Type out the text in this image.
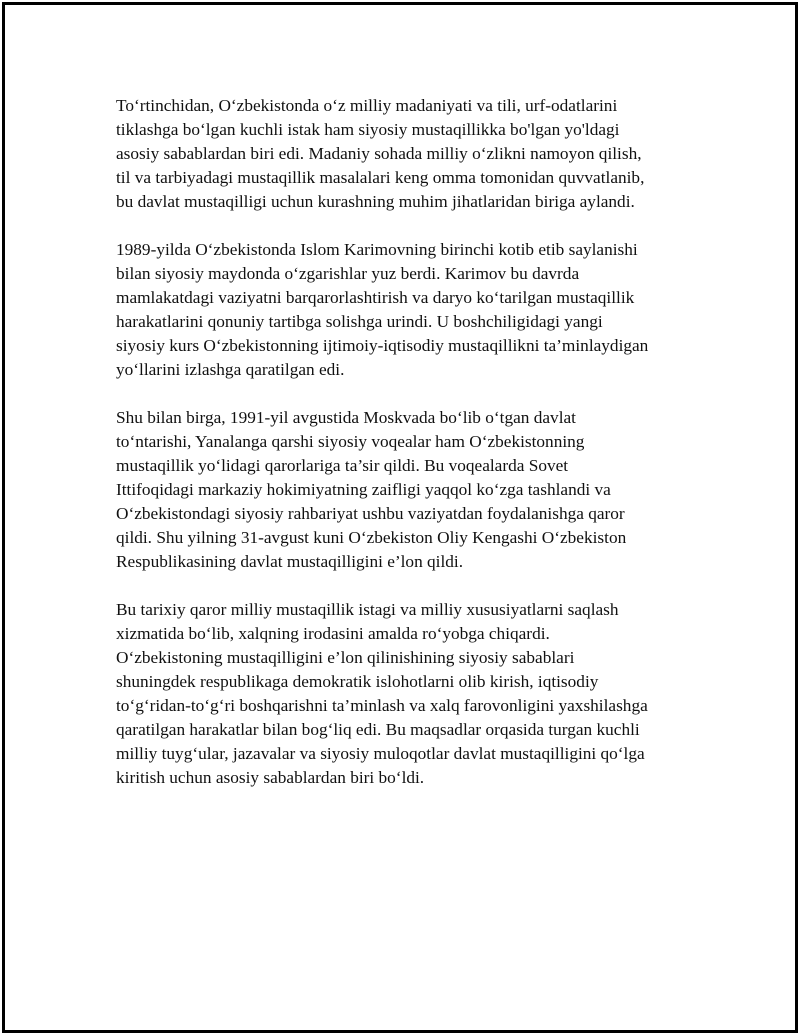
To‘rtinchidan, O‘zbekistonda o‘z milliy madaniyati va tili, urf-odatlarini
tiklashga bo‘lgan kuchli istak ham siyosiy mustaqillikka bo'lgan yo'ldagi
asosiy sabablardan biri edi. Madaniy sohada milliy o‘zlikni namoyon qilish,
til va tarbiyadagi mustaqillik masalalari keng omma tomonidan quvvatlanib,
bu davlat mustaqilligi uchun kurashning muhim jihatlaridan biriga aylandi.

1989-yilda O‘zbekistonda Islom Karimovning birinchi kotib etib saylanishi
bilan siyosiy maydonda o‘zgarishlar yuz berdi. Karimov bu davrda
mamlakatdagi vaziyatni barqarorlashtirish va daryo ko‘tarilgan mustaqillik
harakatlarini qonuniy tartibga solishga urindi. U boshchiligidagi yangi
siyosiy kurs O‘zbekistonning ijtimoiy-iqtisodiy mustaqillikni ta’minlaydigan
yo‘llarini izlashga qaratilgan edi.

Shu bilan birga, 1991-yil avgustida Moskvada bo‘lib o‘tgan davlat
to‘ntarishi, Yanalanga qarshi siyosiy voqealar ham O‘zbekistonning
mustaqillik yo‘lidagi qarorlariga ta’sir qildi. Bu voqealarda Sovet
Ittifoqidagi markaziy hokimiyatning zaifligi yaqqol ko‘zga tashlandi va
O‘zbekistondagi siyosiy rahbariyat ushbu vaziyatdan foydalanishga qaror
qildi. Shu yilning 31-avgust kuni O‘zbekiston Oliy Kengashi O‘zbekiston
Respublikasining davlat mustaqilligini e’lon qildi.

Bu tarixiy qaror milliy mustaqillik istagi va milliy xususiyatlarni saqlash
xizmatida bo‘lib, xalqning irodasini amalda ro‘yobga chiqardi.
O‘zbekistoning mustaqilligini e’lon qilinishining siyosiy sabablari
shuningdek respublikaga demokratik islohotlarni olib kirish, iqtisodiy
to‘g‘ridan-to‘g‘ri boshqarishni ta’minlash va xalq farovonligini yaxshilashga
qaratilgan harakatlar bilan bog‘liq edi. Bu maqsadlar orqasida turgan kuchli
milliy tuyg‘ular, jazavalar va siyosiy muloqotlar davlat mustaqilligini qo‘lga
kiritish uchun asosiy sabablardan biri bo‘ldi.
